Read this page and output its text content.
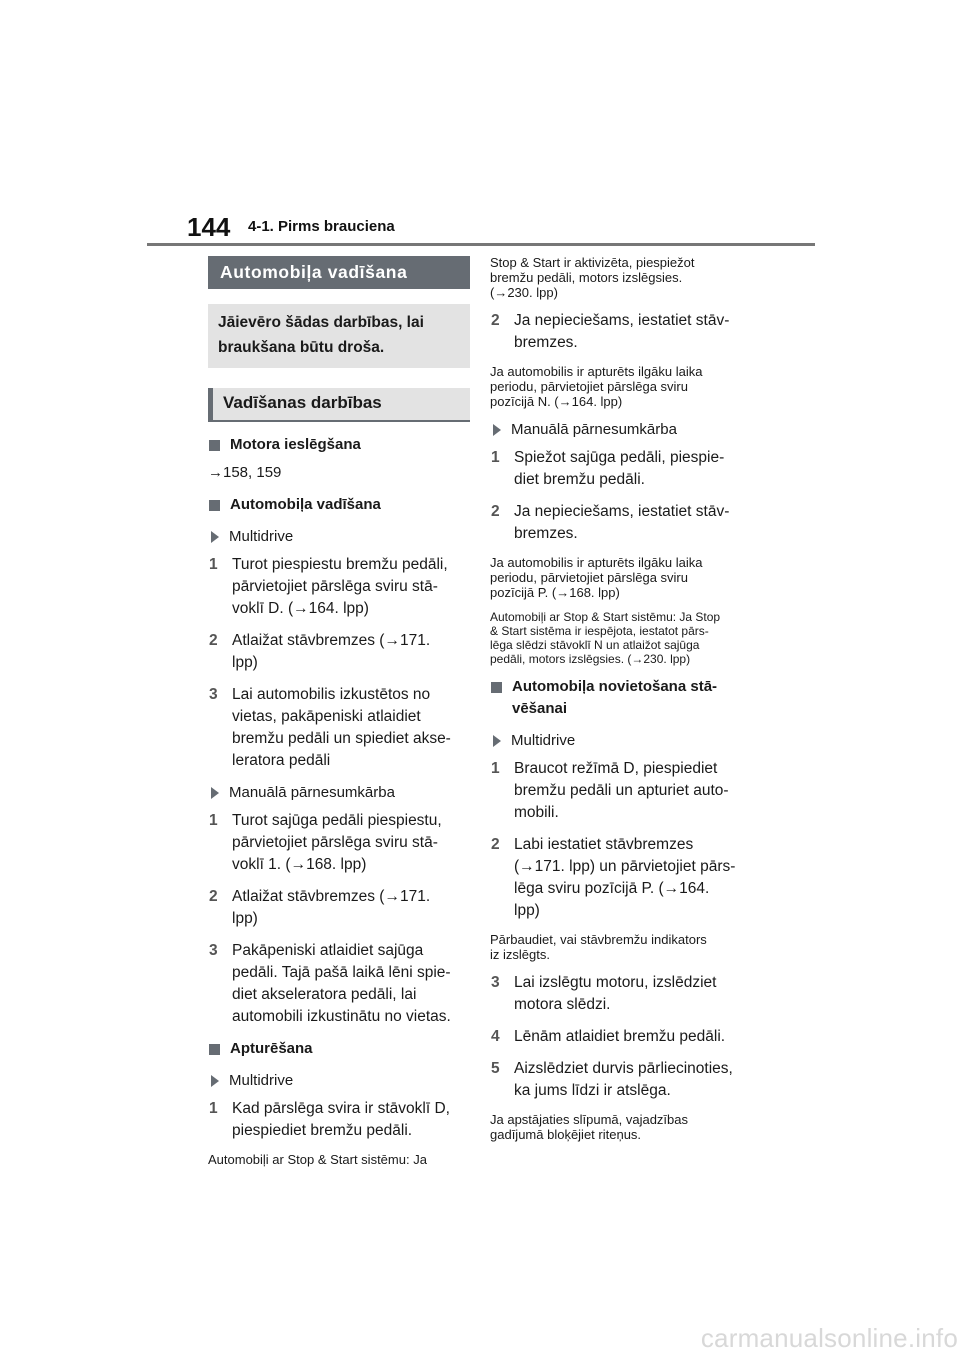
144 4-1. Pirms brauciena
Automobiļa vadīšana
Jāievēro šādas darbības, lai
braukšana būtu droša.
Vadīšanas darbības
Motora ieslēgšana
→158, 159
Automobiļa vadīšana
Multidrive
1 Turot piespiestu bremžu pedāli,
pārvietojiet pārslēga sviru stā-
voklī D. (→164. lpp)
2 Atlaižat stāvbremzes (→171.
lpp)
3 Lai automobilis izkustētos no
vietas, pakāpeniski atlaidiet
bremžu pedāli un spiediet akse-
leratora pedāli
Manuālā pārnesumkārba
1 Turot sajūga pedāli piespiestu,
pārvietojiet pārslēga sviru stā-
voklī 1. (→168. lpp)
2 Atlaižat stāvbremzes (→171.
lpp)
3 Pakāpeniski atlaidiet sajūga
pedāli. Tajā pašā laikā lēni spie-
diet akseleratora pedāli, lai
automobili izkustinātu no vietas.
Apturēšana
Multidrive
1 Kad pārslēga svira ir stāvoklī D,
piespiediet bremžu pedāli.
Automobiļi ar Stop & Start sistēmu: Ja
Stop & Start ir aktivizēta, piespiežot
bremžu pedāli, motors izslēgsies.
(→230. lpp)
2 Ja nepieciešams, iestatiet stāv-
bremzes.
Ja automobilis ir apturēts ilgāku laika
periodu, pārvietojiet pārslēga sviru
pozīcijā N. (→164. lpp)
Manuālā pārnesumkārba
1 Spiežot sajūga pedāli, piespie-
diet bremžu pedāli.
2 Ja nepieciešams, iestatiet stāv-
bremzes.
Ja automobilis ir apturēts ilgāku laika
periodu, pārvietojiet pārslēga sviru
pozīcijā P. (→168. lpp)
Automobiļi ar Stop & Start sistēmu: Ja Stop
& Start sistēma ir iespējota, iestatot pārs-
lēga slēdzi stāvoklī N un atlaižot sajūga
pedāli, motors izslēgsies. (→230. lpp)
Automobiļa novietošana stā-
vēšanai
Multidrive
1 Braucot režīmā D, piespiediet
bremžu pedāli un apturiet auto-
mobili.
2 Labi iestatiet stāvbremzes
(→171. lpp) un pārvietojiet pārs-
lēga sviru pozīcijā P. (→164.
lpp)
Pārbaudiet, vai stāvbremžu indikators
iz izslēgts.
3 Lai izslēgtu motoru, izslēdziet
motora slēdzi.
4 Lēnām atlaidiet bremžu pedāli.
5 Aizslēdziet durvis pārliecinoties,
ka jums līdzi ir atslēga.
Ja apstājaties slīpumā, vajadzības
gadījumā bloķējiet riteņus.
carmanualsonline.info
